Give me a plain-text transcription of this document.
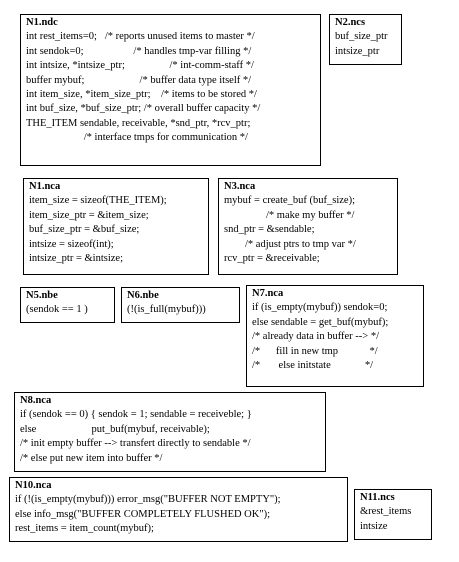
N1.ndc
int rest_items=0;   /* reports unused items to master */
int sendok=0;                   /* handles tmp-var filling */
int intsize, *intsize_ptr;                 /* int-comm-staff */
buffer mybuf;                     /* buffer data type itself */
int item_size, *item_size_ptr;    /* items to be stored */
int buf_size, *buf_size_ptr; /* overall buffer capacity */
THE_ITEM sendable, receivable, *snd_ptr, *rcv_ptr;
/* interface tmps for communication */
N2.ncs
buf_size_ptr
intsize_ptr
N1.nca
item_size = sizeof(THE_ITEM);
item_size_ptr = &item_size;
buf_size_ptr = &buf_size;
intsize = sizeof(int);
intsize_ptr = &intsize;
N3.nca
mybuf = create_buf (buf_size);
/* make my buffer */
snd_ptr = &sendable;
/* adjust ptrs to tmp var */
rcv_ptr = &receivable;
N5.nbe
(sendok == 1 )
N6.nbe
(!(is_full(mybuf)))
N7.nca
if (is_empty(mybuf)) sendok=0;
else sendable = get_buf(mybuf);
/* already data in buffer --> */
/*      fill in new tmp            */
/*       else initstate             */
N8.nca
if (sendok == 0) { sendok = 1; sendable = receiveble; }
else                     put_buf(mybuf, receivable);
/* init empty buffer --> transfert directly to sendable */
/* else put new item into buffer */
N10.nca
if (!(is_empty(mybuf))) error_msg("BUFFER NOT EMPTY");
else info_msg("BUFFER COMPLETELY FLUSHED OK");
rest_items = item_count(mybuf);
N11.ncs
&rest_items
intsize
